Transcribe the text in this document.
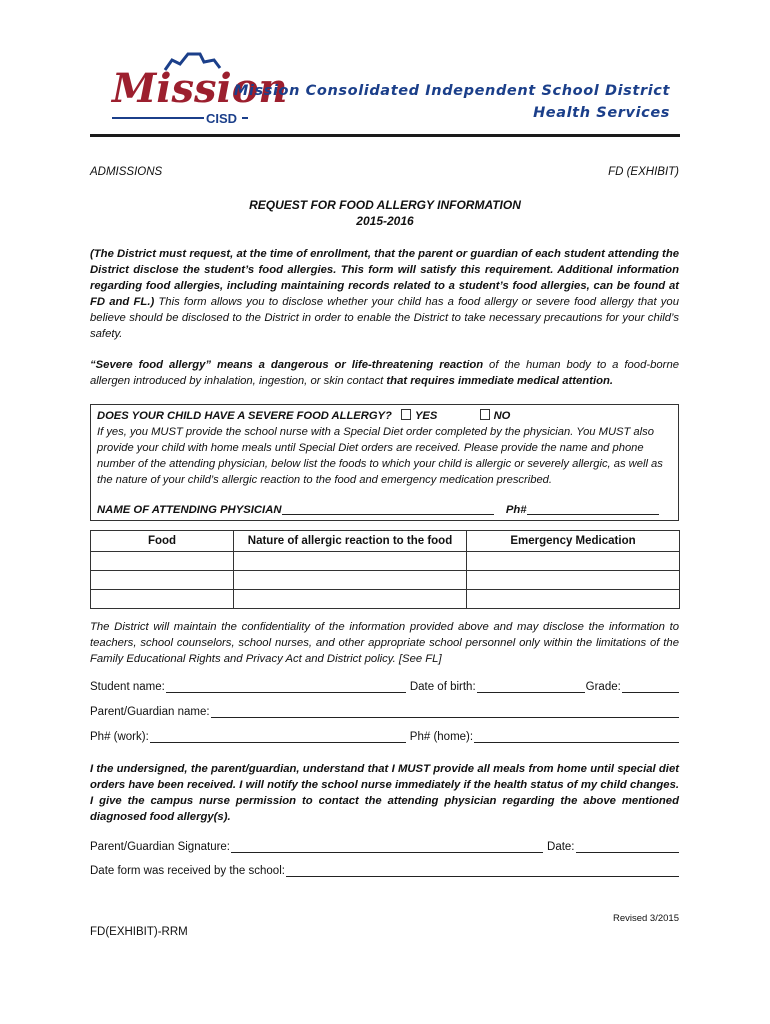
Mission
CISD
Mission Consolidated Independent School District
Health Services
ADMISSIONS	FD (EXHIBIT)
REQUEST FOR FOOD ALLERGY INFORMATION
2015-2016
(The District must request, at the time of enrollment, that the parent or guardian of each student attending the District disclose the student’s food allergies. This form will satisfy this requirement. Additional information regarding food allergies, including maintaining records related to a student’s food allergies, can be found at FD and FL.) This form allows you to disclose whether your child has a food allergy or severe food allergy that you believe should be disclosed to the District in order to enable the District to take necessary precautions for your child’s safety.
“Severe food allergy” means a dangerous or life-threatening reaction of the human body to a food-borne allergen introduced by inhalation, ingestion, or skin contact that requires immediate medical attention.
DOES YOUR CHILD HAVE A SEVERE FOOD ALLERGY? YES	NO
If yes, you MUST provide the school nurse with a Special Diet order completed by the physician. You MUST also provide your child with home meals until Special Diet orders are received. Please provide the name and phone number of the attending physician, below list the foods to which your child is allergic or severely allergic, as well as the nature of your child’s allergic reaction to the food and emergency medication prescribed.
NAME OF ATTENDING PHYSICIAN	Ph#
Food	Nature of allergic reaction to the food	Emergency Medication

The District will maintain the confidentiality of the information provided above and may disclose the information to teachers, school counselors, school nurses, and other appropriate school personnel only within the limitations of the Family Educational Rights and Privacy Act and District policy. [See FL]
Student name:	Date of birth:	Grade:
Parent/Guardian name:
Ph# (work):	Ph# (home):
I the undersigned, the parent/guardian, understand that I MUST provide all meals from home until special diet orders have been received. I will notify the school nurse immediately if the health status of my child changes. I give the campus nurse permission to contact the attending physician regarding the above mentioned diagnosed food allergy(s).
Parent/Guardian Signature:	Date:
Date form was received by the school:
Revised 3/2015
FD(EXHIBIT)-RRM
